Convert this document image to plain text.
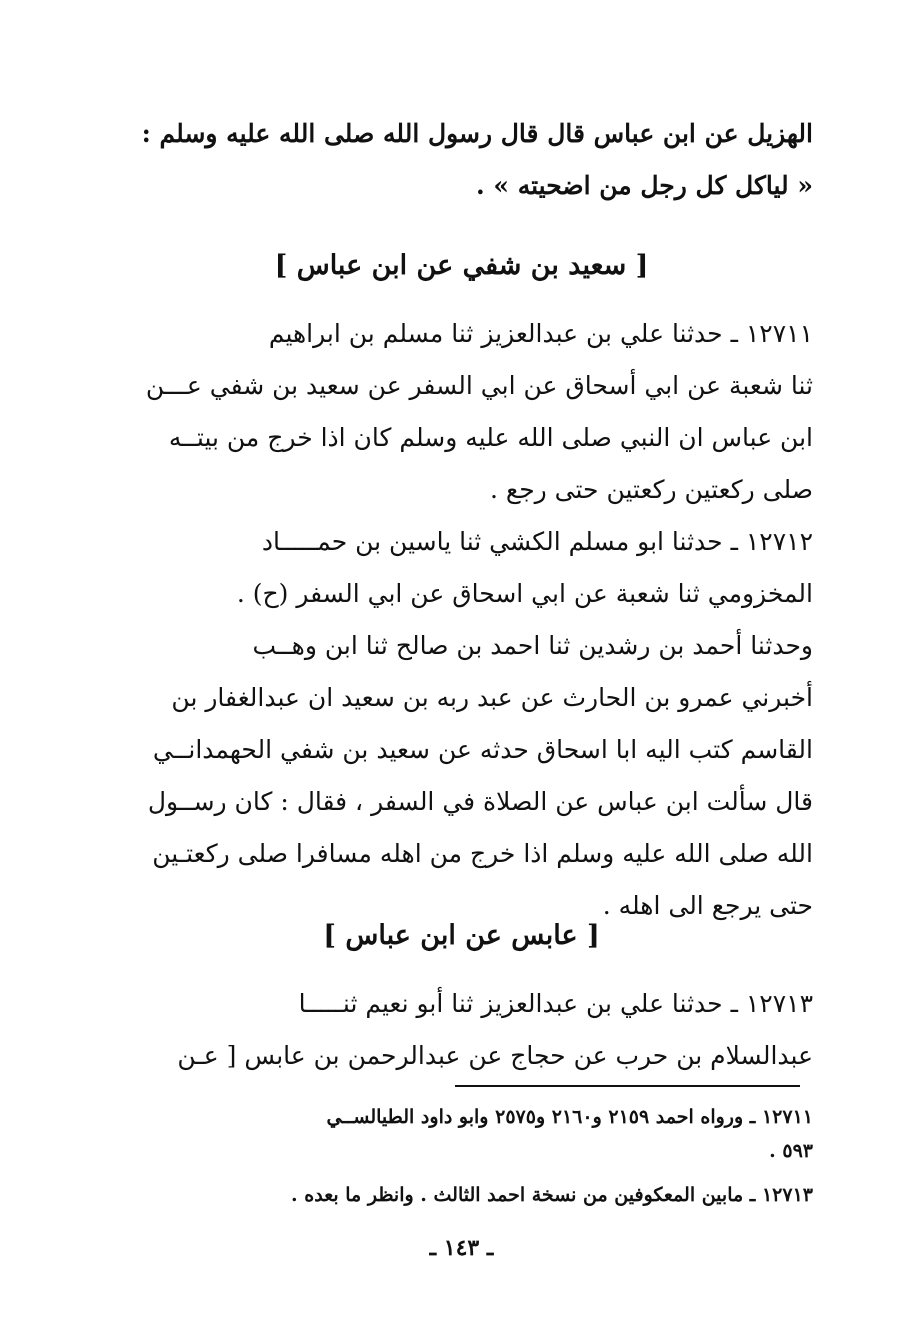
الهزيل عن ابن عباس قال قال رسول الله صلى الله عليه وسلم :
« لياكل كل رجل من اضحيته » .
[ سعيد بن شفي عن ابن عباس ]
١٢٧١١ ـ حدثنا علي بن عبدالعزيز ثنا مسلم بن ابراهيم
ثنا شعبة عن ابي أسحاق عن ابي السفر عن سعيد بن شفي عـــن
ابن عباس ان النبي صلى الله عليه وسلم كان اذا خرج من بيتــه
صلى ركعتين ركعتين حتى رجع .
١٢٧١٢ ـ حدثنا ابو مسلم الكشي ثنا ياسين بن حمـــــاد
المخزومي ثنا شعبة عن ابي اسحاق عن ابي السفر (ح) .
وحدثنا أحمد بن رشدين ثنا احمد بن صالح ثنا ابن وهــب
أخبرني عمرو بن الحارث عن عبد ربه بن سعيد ان عبدالغفار بن
القاسم كتب اليه ابا اسحاق حدثه عن سعيد بن شفي الحهمدانــي
قال سألت ابن عباس عن الصلاة في السفر ، فقال : كان رســول
الله صلى الله عليه وسلم اذا خرج من اهله مسافرا صلى ركعتـين
حتى يرجع الى اهله .
[ عابس عن ابن عباس ]
١٢٧١٣ ـ حدثنا علي بن عبدالعزيز ثنا أبو نعيم ثنـــــا
عبدالسلام بن حرب عن حجاج عن عبدالرحمن بن عابس [ عـن
١٢٧١١ ـ ورواه احمد ٢١٥٩ و٢١٦٠ و٢٥٧٥ وابو داود الطيالســي
٥٩٣ .
١٢٧١٣ ـ مابين المعكوفين من نسخة احمد الثالث . وانظر ما بعده .
ـ ١٤٣ ـ
